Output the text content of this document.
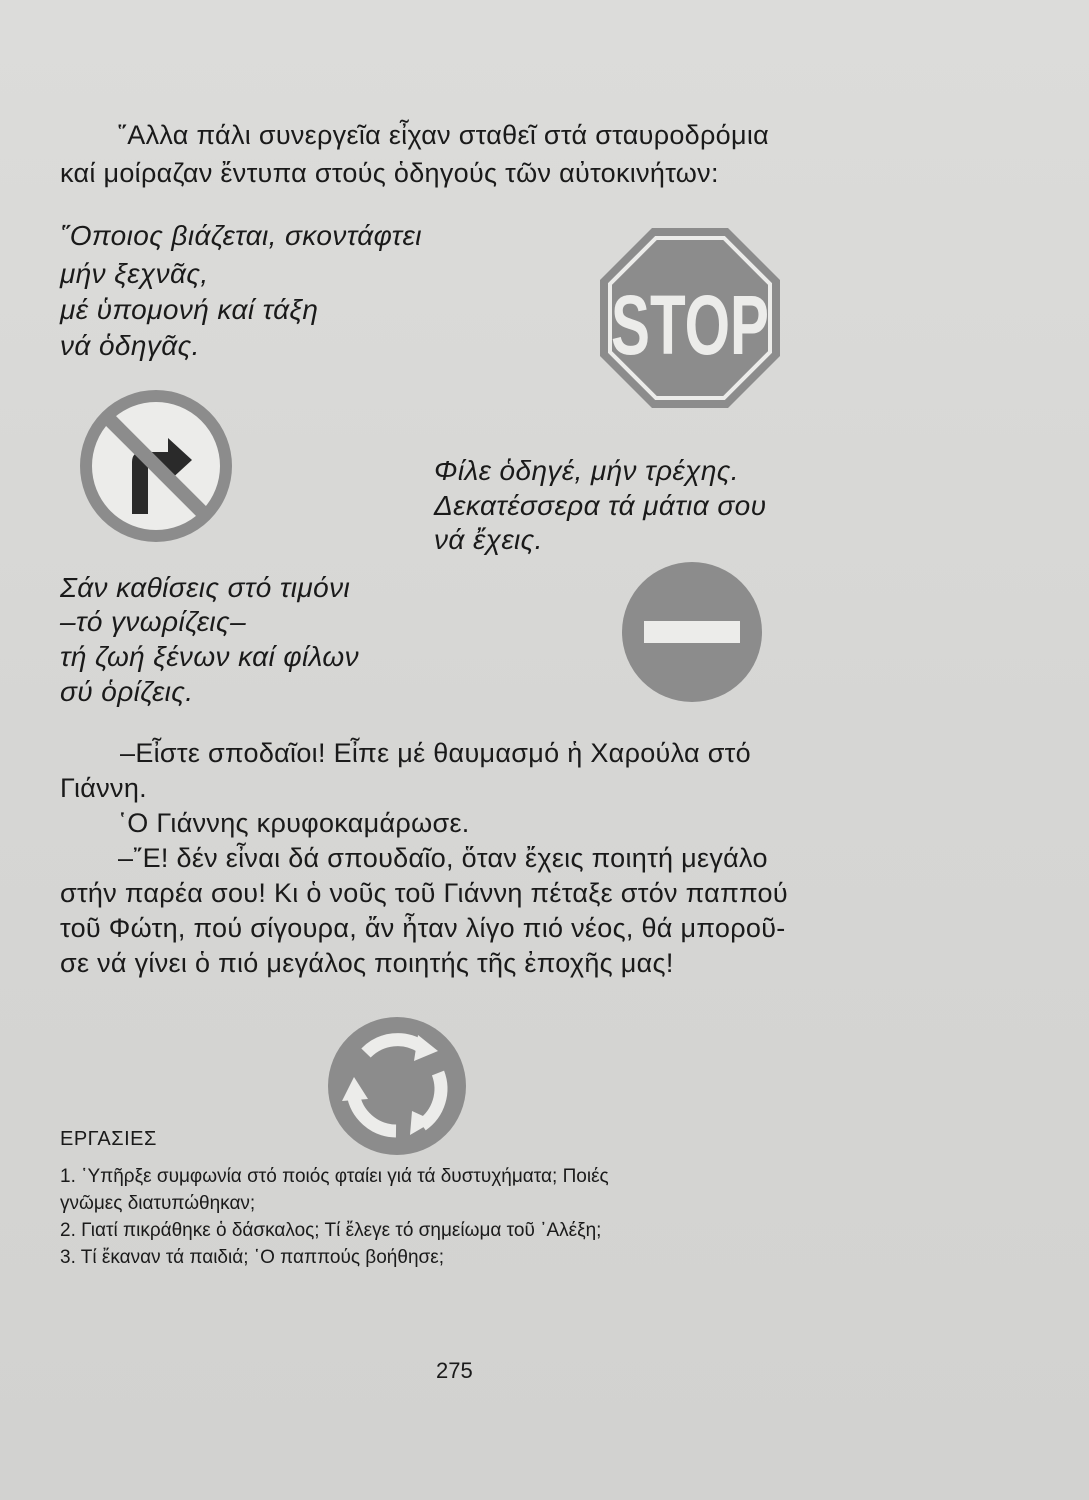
῞Αλλα πάλι συνεργεῖα εἶχαν σταθεῖ στά σταυροδρόμια

καί μοίραζαν ἔντυπα στούς ὁδηγούς τῶν αὐτοκινήτων:

῞Οποιος βιάζεται, σκοντάφτει

μήν ξεχνᾶς,

μέ ὑπομονή καί τάξη

νά ὁδηγᾶς.	STOP

Φίλε ὁδηγέ, μήν τρέχης.

Δεκατέσσερα τά μάτια σου

νά ἔχεις.

Σάν καθίσεις στό τιμόνι

–τό γνωρίζεις–

τή ζωή ξένων καί φίλων

σύ ὁρίζεις.

–Εἶστε σποδαῖοι! Εἶπε μέ θαυμασμό ἡ Χαρούλα στό

Γιάννη.

῾Ο Γιάννης κρυφοκαμάρωσε.

–῎Ε! δέν εἶναι δά σπουδαῖο, ὅταν ἔχεις ποιητή μεγάλο

στήν παρέα σου! Κι ὁ νοῦς τοῦ Γιάννη πέταξε στόν παππού

τοῦ Φώτη, πού σίγουρα, ἄν ἦταν λίγο πιό νέος, θά μποροῦ-

σε νά γίνει ὁ πιό μεγάλος ποιητής τῆς ἐποχῆς μας!

ΕΡΓΑΣΙΕΣ

1. ῾Υπῆρξε συμφωνία στό ποιός φταίει γιά τά δυστυχήματα; Ποιές

γνῶμες διατυπώθηκαν;

2. Γιατί πικράθηκε ὁ δάσκαλος; Τί ἔλεγε τό σημείωμα τοῦ ᾽Αλέξη;

3. Τί ἔκαναν τά παιδιά; ῾Ο παππούς βοήθησε;

275
